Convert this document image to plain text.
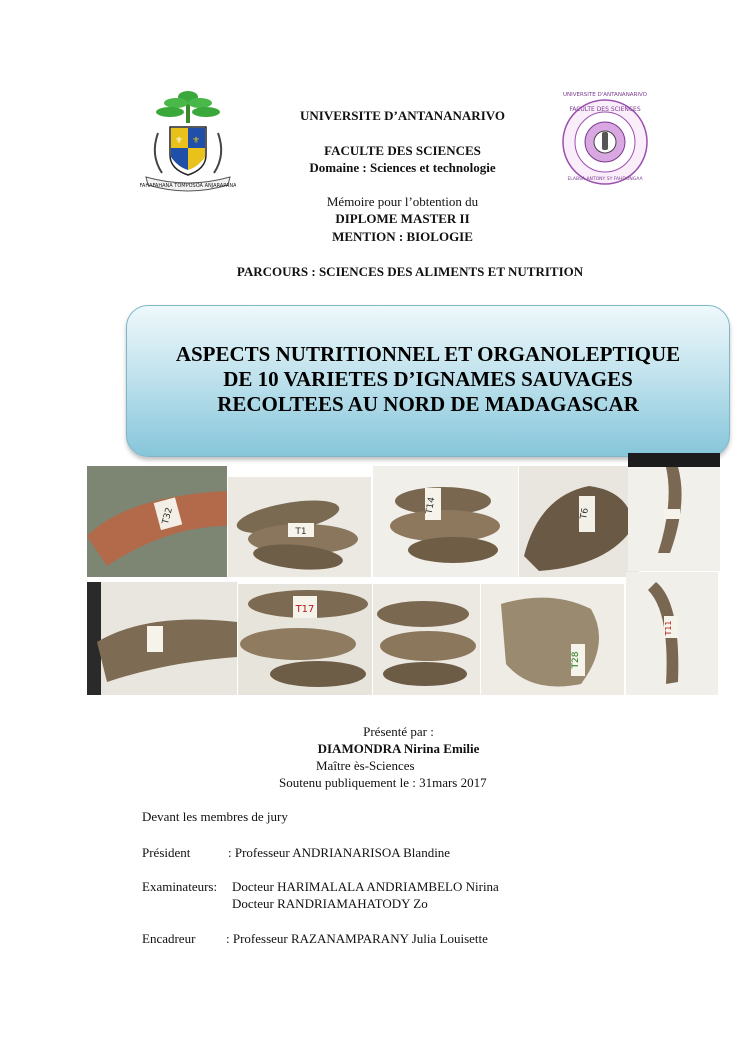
⚜ ⚜
FAHAFAHANA TOMPOSOA ANJARAPANA
UNIVERSITE D'ANTANANARIVO
FACULTE DES SCIENCES
ELABSA ANTONY SY FAHDONGAA
UNIVERSITE D’ANTANANARIVO
FACULTE DES SCIENCES
Domaine : Sciences et technologie
Mémoire pour l’obtention du
DIPLOME MASTER II
MENTION : BIOLOGIE
PARCOURS : SCIENCES DES ALIMENTS ET NUTRITION
ASPECTS NUTRITIONNEL ET ORGANOLEPTIQUE
DE 10 VARIETES D’IGNAMES SAUVAGES
RECOLTEES AU NORD DE MADAGASCAR
T32
T1
T14	T6
T17
T28
T11
Présenté par :
DIAMONDRA Nirina Emilie
Maître ès-Sciences
Soutenu publiquement le : 31mars 2017
Devant les membres de jury
Président	: Professeur ANDRIANARISOA Blandine
Examinateurs: Docteur HARIMALALA ANDRIAMBELO Nirina
Docteur RANDRIAMAHATODY Zo
Encadreur : Professeur RAZANAMPARANY Julia Louisette
